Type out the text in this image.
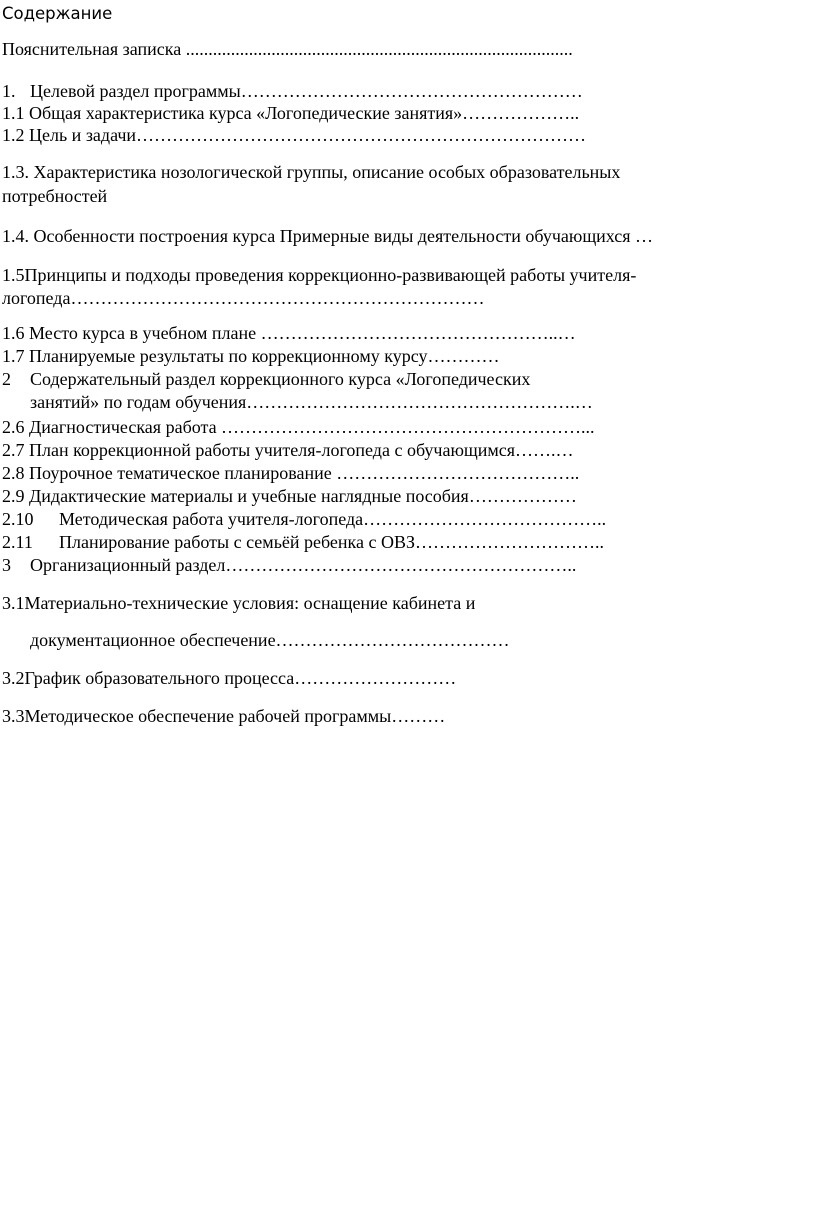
Содержание
Пояснительная записка ......................................................................................
1. Целевой раздел программы…………………………………………………
1.1 Общая характеристика курса «Логопедические занятия»………………..
1.2 Цель и задачи…………………………………………………………………
1.3. Характеристика нозологической группы, описание особых образовательных
потребностей
1.4. Особенности построения курса Примерные виды деятельности обучающихся …
1.5Принципы и подходы проведения коррекционно-развивающей работы учителя-
логопеда……………………………………………………………
1.6 Место курса в учебном плане …………………………………………..…
1.7 Планируемые результаты по коррекционному курсу…………
2 Содержательный раздел коррекционного курса «Логопедических
занятий» по годам обучения……………………………………………….…
2.6 Диагностическая работа ……………………………………………………...
2.7 План коррекционной работы учителя-логопеда с обучающимся…….…
2.8 Поурочное тематическое планирование …………………………………..
2.9 Дидактические материалы и учебные наглядные пособия………………
2.10 Методическая работа учителя-логопеда…………………………………..
2.11 Планирование работы с семьёй ребенка с ОВЗ…………………………..
3 Организационный раздел…………………………………………………..
3.1Материально-технические условия: оснащение кабинета и
документационное обеспечение…………………………………
3.2График образовательного процесса………………………
3.3Методическое обеспечение рабочей программы………
